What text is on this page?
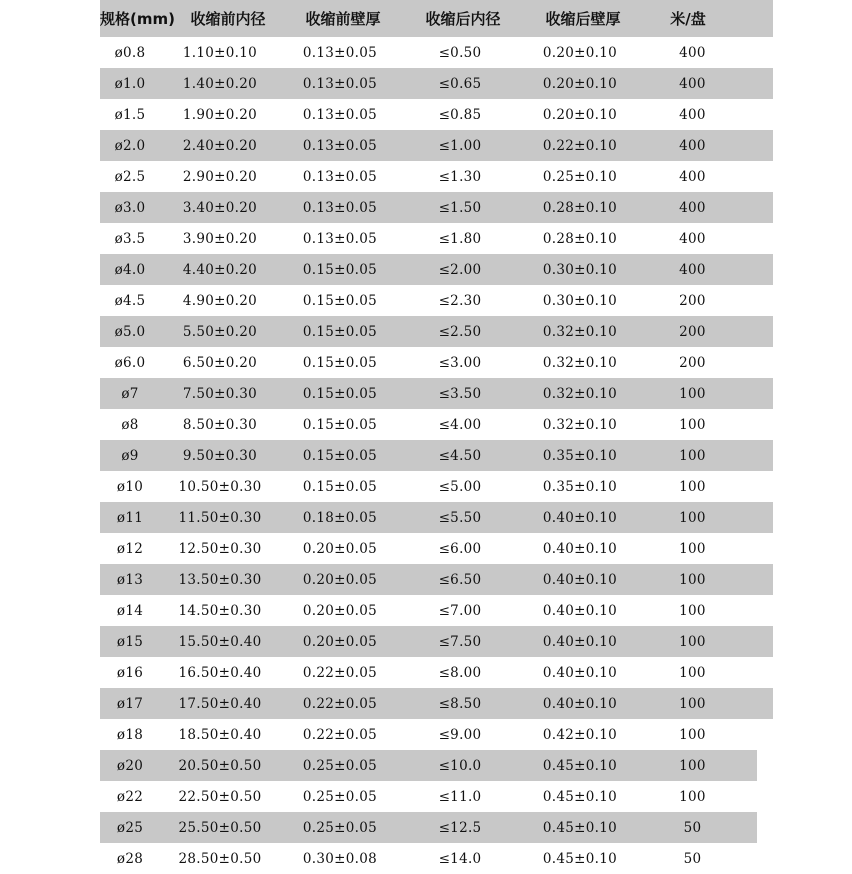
规格(mm)	收缩前内径	收缩前壁厚	收缩后内径	收缩后壁厚	米/盘
ø0.8	1.10±0.10	0.13±0.05	≤0.50	0.20±0.10	400
ø1.0	1.40±0.20	0.13±0.05	≤0.65	0.20±0.10	400
ø1.5	1.90±0.20	0.13±0.05	≤0.85	0.20±0.10	400
ø2.0	2.40±0.20	0.13±0.05	≤1.00	0.22±0.10	400
ø2.5	2.90±0.20	0.13±0.05	≤1.30	0.25±0.10	400
ø3.0	3.40±0.20	0.13±0.05	≤1.50	0.28±0.10	400
ø3.5	3.90±0.20	0.13±0.05	≤1.80	0.28±0.10	400
ø4.0	4.40±0.20	0.15±0.05	≤2.00	0.30±0.10	400
ø4.5	4.90±0.20	0.15±0.05	≤2.30	0.30±0.10	200
ø5.0	5.50±0.20	0.15±0.05	≤2.50	0.32±0.10	200
ø6.0	6.50±0.20	0.15±0.05	≤3.00	0.32±0.10	200
ø7	7.50±0.30	0.15±0.05	≤3.50	0.32±0.10	100
ø8	8.50±0.30	0.15±0.05	≤4.00	0.32±0.10	100
ø9	9.50±0.30	0.15±0.05	≤4.50	0.35±0.10	100
ø10	10.50±0.30	0.15±0.05	≤5.00	0.35±0.10	100
ø11	11.50±0.30	0.18±0.05	≤5.50	0.40±0.10	100
ø12	12.50±0.30	0.20±0.05	≤6.00	0.40±0.10	100
ø13	13.50±0.30	0.20±0.05	≤6.50	0.40±0.10	100
ø14	14.50±0.30	0.20±0.05	≤7.00	0.40±0.10	100
ø15	15.50±0.40	0.20±0.05	≤7.50	0.40±0.10	100
ø16	16.50±0.40	0.22±0.05	≤8.00	0.40±0.10	100
ø17	17.50±0.40	0.22±0.05	≤8.50	0.40±0.10	100
ø18	18.50±0.40	0.22±0.05	≤9.00	0.42±0.10	100
ø20	20.50±0.50	0.25±0.05	≤10.0	0.45±0.10	100
ø22	22.50±0.50	0.25±0.05	≤11.0	0.45±0.10	100
ø25	25.50±0.50	0.25±0.05	≤12.5	0.45±0.10	50
ø28	28.50±0.50	0.30±0.08	≤14.0	0.45±0.10	50
